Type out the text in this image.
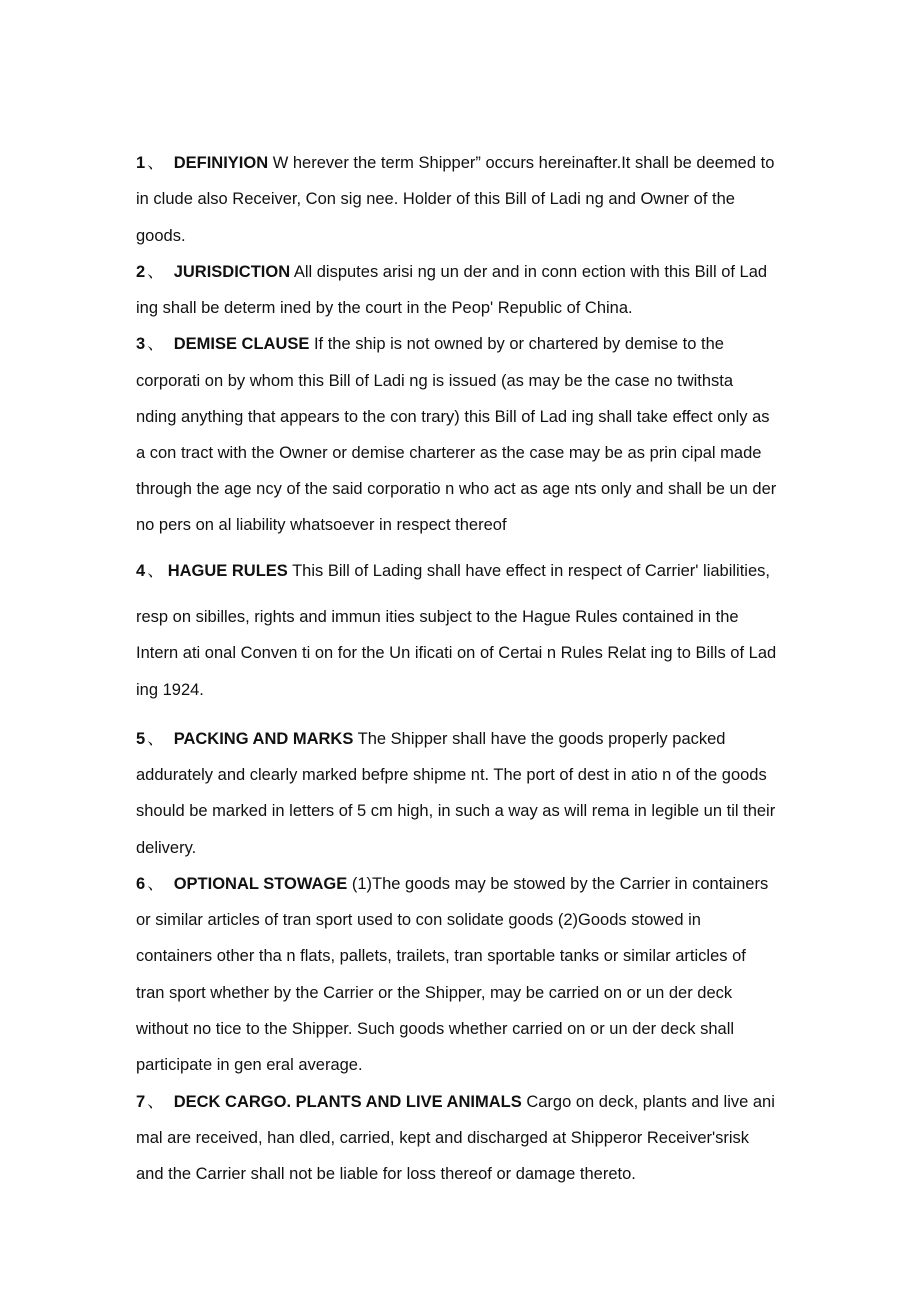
1 、 DEFINIYION W herever the term Shipper” occurs hereinafter.It shall be deemed to
in clude also Receiver, Con sig nee. Holder of this Bill of Ladi ng and Owner of the
goods.
2 、 JURISDICTION All disputes arisi ng un der and in conn ection with this Bill of Lad
ing shall be determ ined by the court in the Peop' Republic of China.
3 、 DEMISE CLAUSE If the ship is not owned by or chartered by demise to the
corporati on by whom this Bill of Ladi ng is issued (as may be the case no twithsta
nding anything that appears to the con trary) this Bill of Lad ing shall take effect only as
a con tract with the Owner or demise charterer as the case may be as prin cipal made
through the age ncy of the said corporatio n who act as age nts only and shall be un der
no pers on al liability whatsoever in respect thereof
4 、 HAGUE RULES This Bill of Lading shall have effect in respect of Carrier' liabilities,
resp on sibilles, rights and immun ities subject to the Hague Rules contained in the
Intern ati onal Conven ti on for the Un ificati on of Certai n Rules Relat ing to Bills of Lad
ing 1924.
5 、 PACKING AND MARKS The Shipper shall have the goods properly packed
addurately and clearly marked befpre shipme nt. The port of dest in atio n of the goods
should be marked in letters of 5 cm high, in such a way as will rema in legible un til their
delivery.
6 、 OPTIONAL STOWAGE (1)The goods may be stowed by the Carrier in containers
or similar articles of tran sport used to con solidate goods (2)Goods stowed in
containers other tha n flats, pallets, trailets, tran sportable tanks or similar articles of
tran sport whether by the Carrier or the Shipper, may be carried on or un der deck
without no tice to the Shipper. Such goods whether carried on or un der deck shall
participate in gen eral average.
7 、 DECK CARGO. PLANTS AND LIVE ANIMALS Cargo on deck, plants and live ani
mal are received, han dled, carried, kept and discharged at Shipperor Receiver'srisk
and the Carrier shall not be liable for loss thereof or damage thereto.
